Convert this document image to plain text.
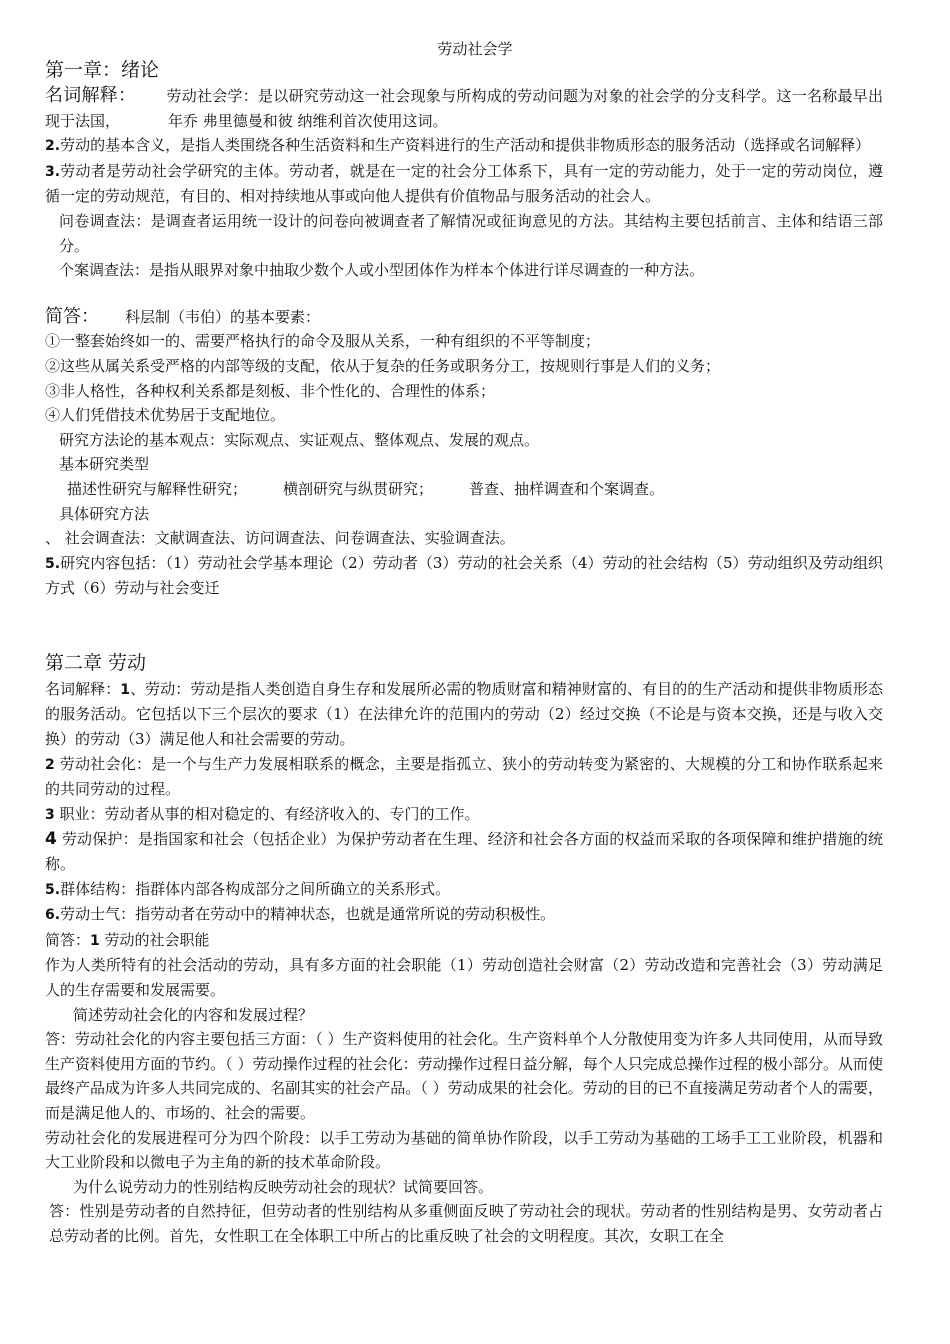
劳动社会学

第一章：绪论

名词解释： 劳动社会学：是以研究劳动这一社会现象与所构成的劳动问题为对象的社会学的分支科学。这一名称最早出现于法国，	年乔 弗里德曼和彼 纳维利首次使用这词。

2.劳动的基本含义，是指人类围绕各种生活资料和生产资料进行的生产活动和提供非物质形态的服务活动（选择或名词解释）

3.劳动者是劳动社会学研究的主体。劳动者，就是在一定的社会分工体系下，具有一定的劳动能力，处于一定的劳动岗位，遵循一定的劳动规范，有目的、相对持续地从事或向他人提供有价值物品与服务活动的社会人。

问卷调查法：是调查者运用统一设计的问卷向被调查者了解情况或征询意见的方法。其结构主要包括前言、主体和结语三部分。

个案调查法：是指从眼界对象中抽取少数个人或小型团体作为样本个体进行详尽调查的一种方法。

简答： 科层制（韦伯）的基本要素：

①一整套始终如一的、需要严格执行的命令及服从关系，一种有组织的不平等制度；

②这些从属关系受严格的内部等级的支配，依从于复杂的任务或职务分工，按规则行事是人们的义务；

③非人格性，各种权利关系都是刻板、非个性化的、合理性的体系；

④人们凭借技术优势居于支配地位。

研究方法论的基本观点：实际观点、实证观点、整体观点、发展的观点。

基本研究类型

描述性研究与解释性研究； 横剖研究与纵贯研究； 普查、抽样调查和个案调查。

具体研究方法

、 社会调查法：文献调查法、访问调查法、问卷调查法、实验调查法。

5.研究内容包括：（1）劳动社会学基本理论（2）劳动者（3）劳动的社会关系（4）劳动的社会结构（5）劳动组织及劳动组织方式（6）劳动与社会变迁

第二章 劳动

名词解释：1、劳动：劳动是指人类创造自身生存和发展所必需的物质财富和精神财富的、有目的的生产活动和提供非物质形态的服务活动。它包括以下三个层次的要求（1）在法律允许的范围内的劳动（2）经过交换（不论是与资本交换，还是与收入交换）的劳动（3）满足他人和社会需要的劳动。

2 劳动社会化：是一个与生产力发展相联系的概念，主要是指孤立、狭小的劳动转变为紧密的、大规模的分工和协作联系起来的共同劳动的过程。

3 职业：劳动者从事的相对稳定的、有经济收入的、专门的工作。

4 劳动保护：是指国家和社会（包括企业）为保护劳动者在生理、经济和社会各方面的权益而采取的各项保障和维护措施的统称。

5.群体结构：指群体内部各构成部分之间所确立的关系形式。

6.劳动士气：指劳动者在劳动中的精神状态，也就是通常所说的劳动积极性。

简答：1 劳动的社会职能

作为人类所特有的社会活动的劳动，具有多方面的社会职能（1）劳动创造社会财富（2）劳动改造和完善社会（3）劳动满足人的生存需要和发展需要。

简述劳动社会化的内容和发展过程？

答：劳动社会化的内容主要包括三方面：（ ）生产资料使用的社会化。生产资料单个人分散使用变为许多人共同使用，从而导致生产资料使用方面的节约。（ ）劳动操作过程的社会化：劳动操作过程日益分解，每个人只完成总操作过程的极小部分。从而使最终产品成为许多人共同完成的、名副其实的社会产品。（ ）劳动成果的社会化。劳动的目的已不直接满足劳动者个人的需要，而是满足他人的、市场的、社会的需要。

劳动社会化的发展进程可分为四个阶段：以手工劳动为基础的简单协作阶段，以手工劳动为基础的工场手工工业阶段，机器和大工业阶段和以微电子为主角的新的技术革命阶段。

为什么说劳动力的性别结构反映劳动社会的现状？试简要回答。

答：性别是劳动者的自然持征，但劳动者的性别结构从多重侧面反映了劳动社会的现状。劳动者的性别结构是男、女劳动者占总劳动者的比例。首先，女性职工在全体职工中所占的比重反映了社会的文明程度。其次，女职工在全
